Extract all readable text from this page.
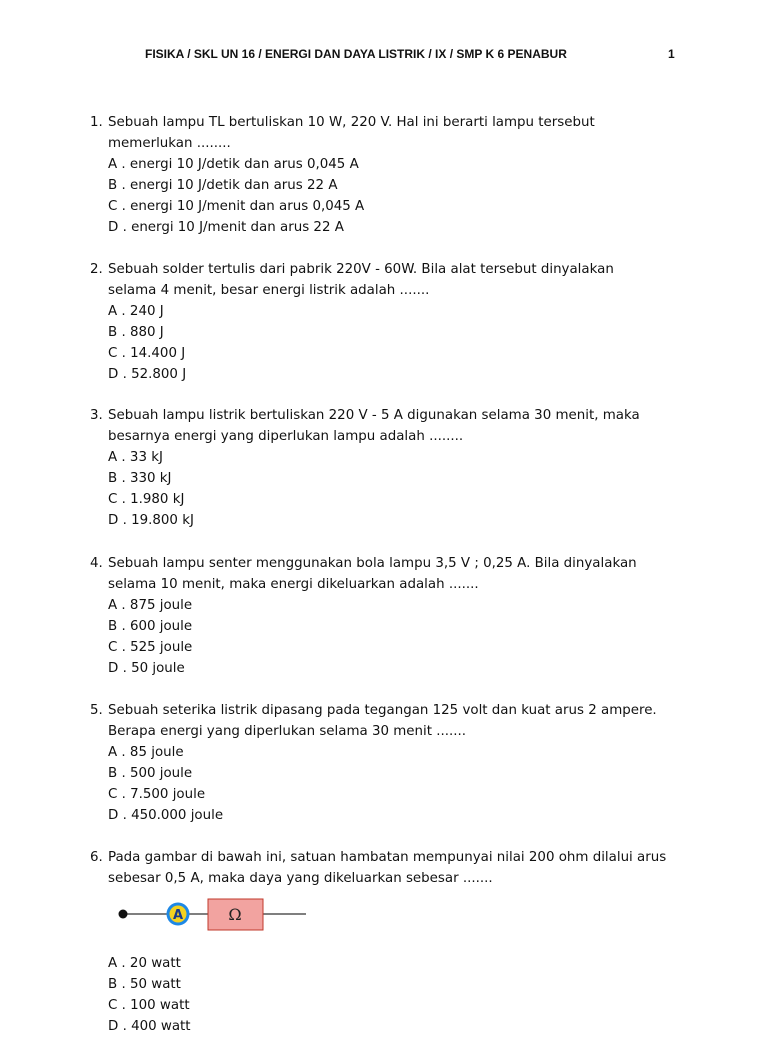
FISIKA / SKL UN 16 / ENERGI DAN DAYA LISTRIK / IX / SMP K 6 PENABUR	1
1. Sebuah lampu TL bertuliskan 10 W, 220 V. Hal ini berarti lampu tersebut
memerlukan ........
A . energi 10 J/detik dan arus 0,045 A
B . energi 10 J/detik dan arus 22 A
C . energi 10 J/menit dan arus 0,045 A
D . energi 10 J/menit dan arus 22 A
2. Sebuah solder tertulis dari pabrik 220V - 60W. Bila alat tersebut dinyalakan
selama 4 menit, besar energi listrik adalah .......
A . 240 J
B . 880 J
C . 14.400 J
D . 52.800 J
3. Sebuah lampu listrik bertuliskan 220 V - 5 A digunakan selama 30 menit, maka
besarnya energi yang diperlukan lampu adalah ........
A . 33 kJ
B . 330 kJ
C . 1.980 kJ
D . 19.800 kJ
4. Sebuah lampu senter menggunakan bola lampu 3,5 V ; 0,25 A. Bila dinyalakan
selama 10 menit, maka energi dikeluarkan adalah .......
A . 875 joule
B . 600 joule
C . 525 joule
D . 50 joule
5. Sebuah seterika listrik dipasang pada tegangan 125 volt dan kuat arus 2 ampere.
Berapa energi yang diperlukan selama 30 menit .......
A . 85 joule
B . 500 joule
C . 7.500 joule
D . 450.000 joule
6. Pada gambar di bawah ini, satuan hambatan mempunyai nilai 200 ohm dilalui arus
sebesar 0,5 A, maka daya yang dikeluarkan sebesar .......
A	Ω
A . 20 watt
B . 50 watt
C . 100 watt
D . 400 watt
